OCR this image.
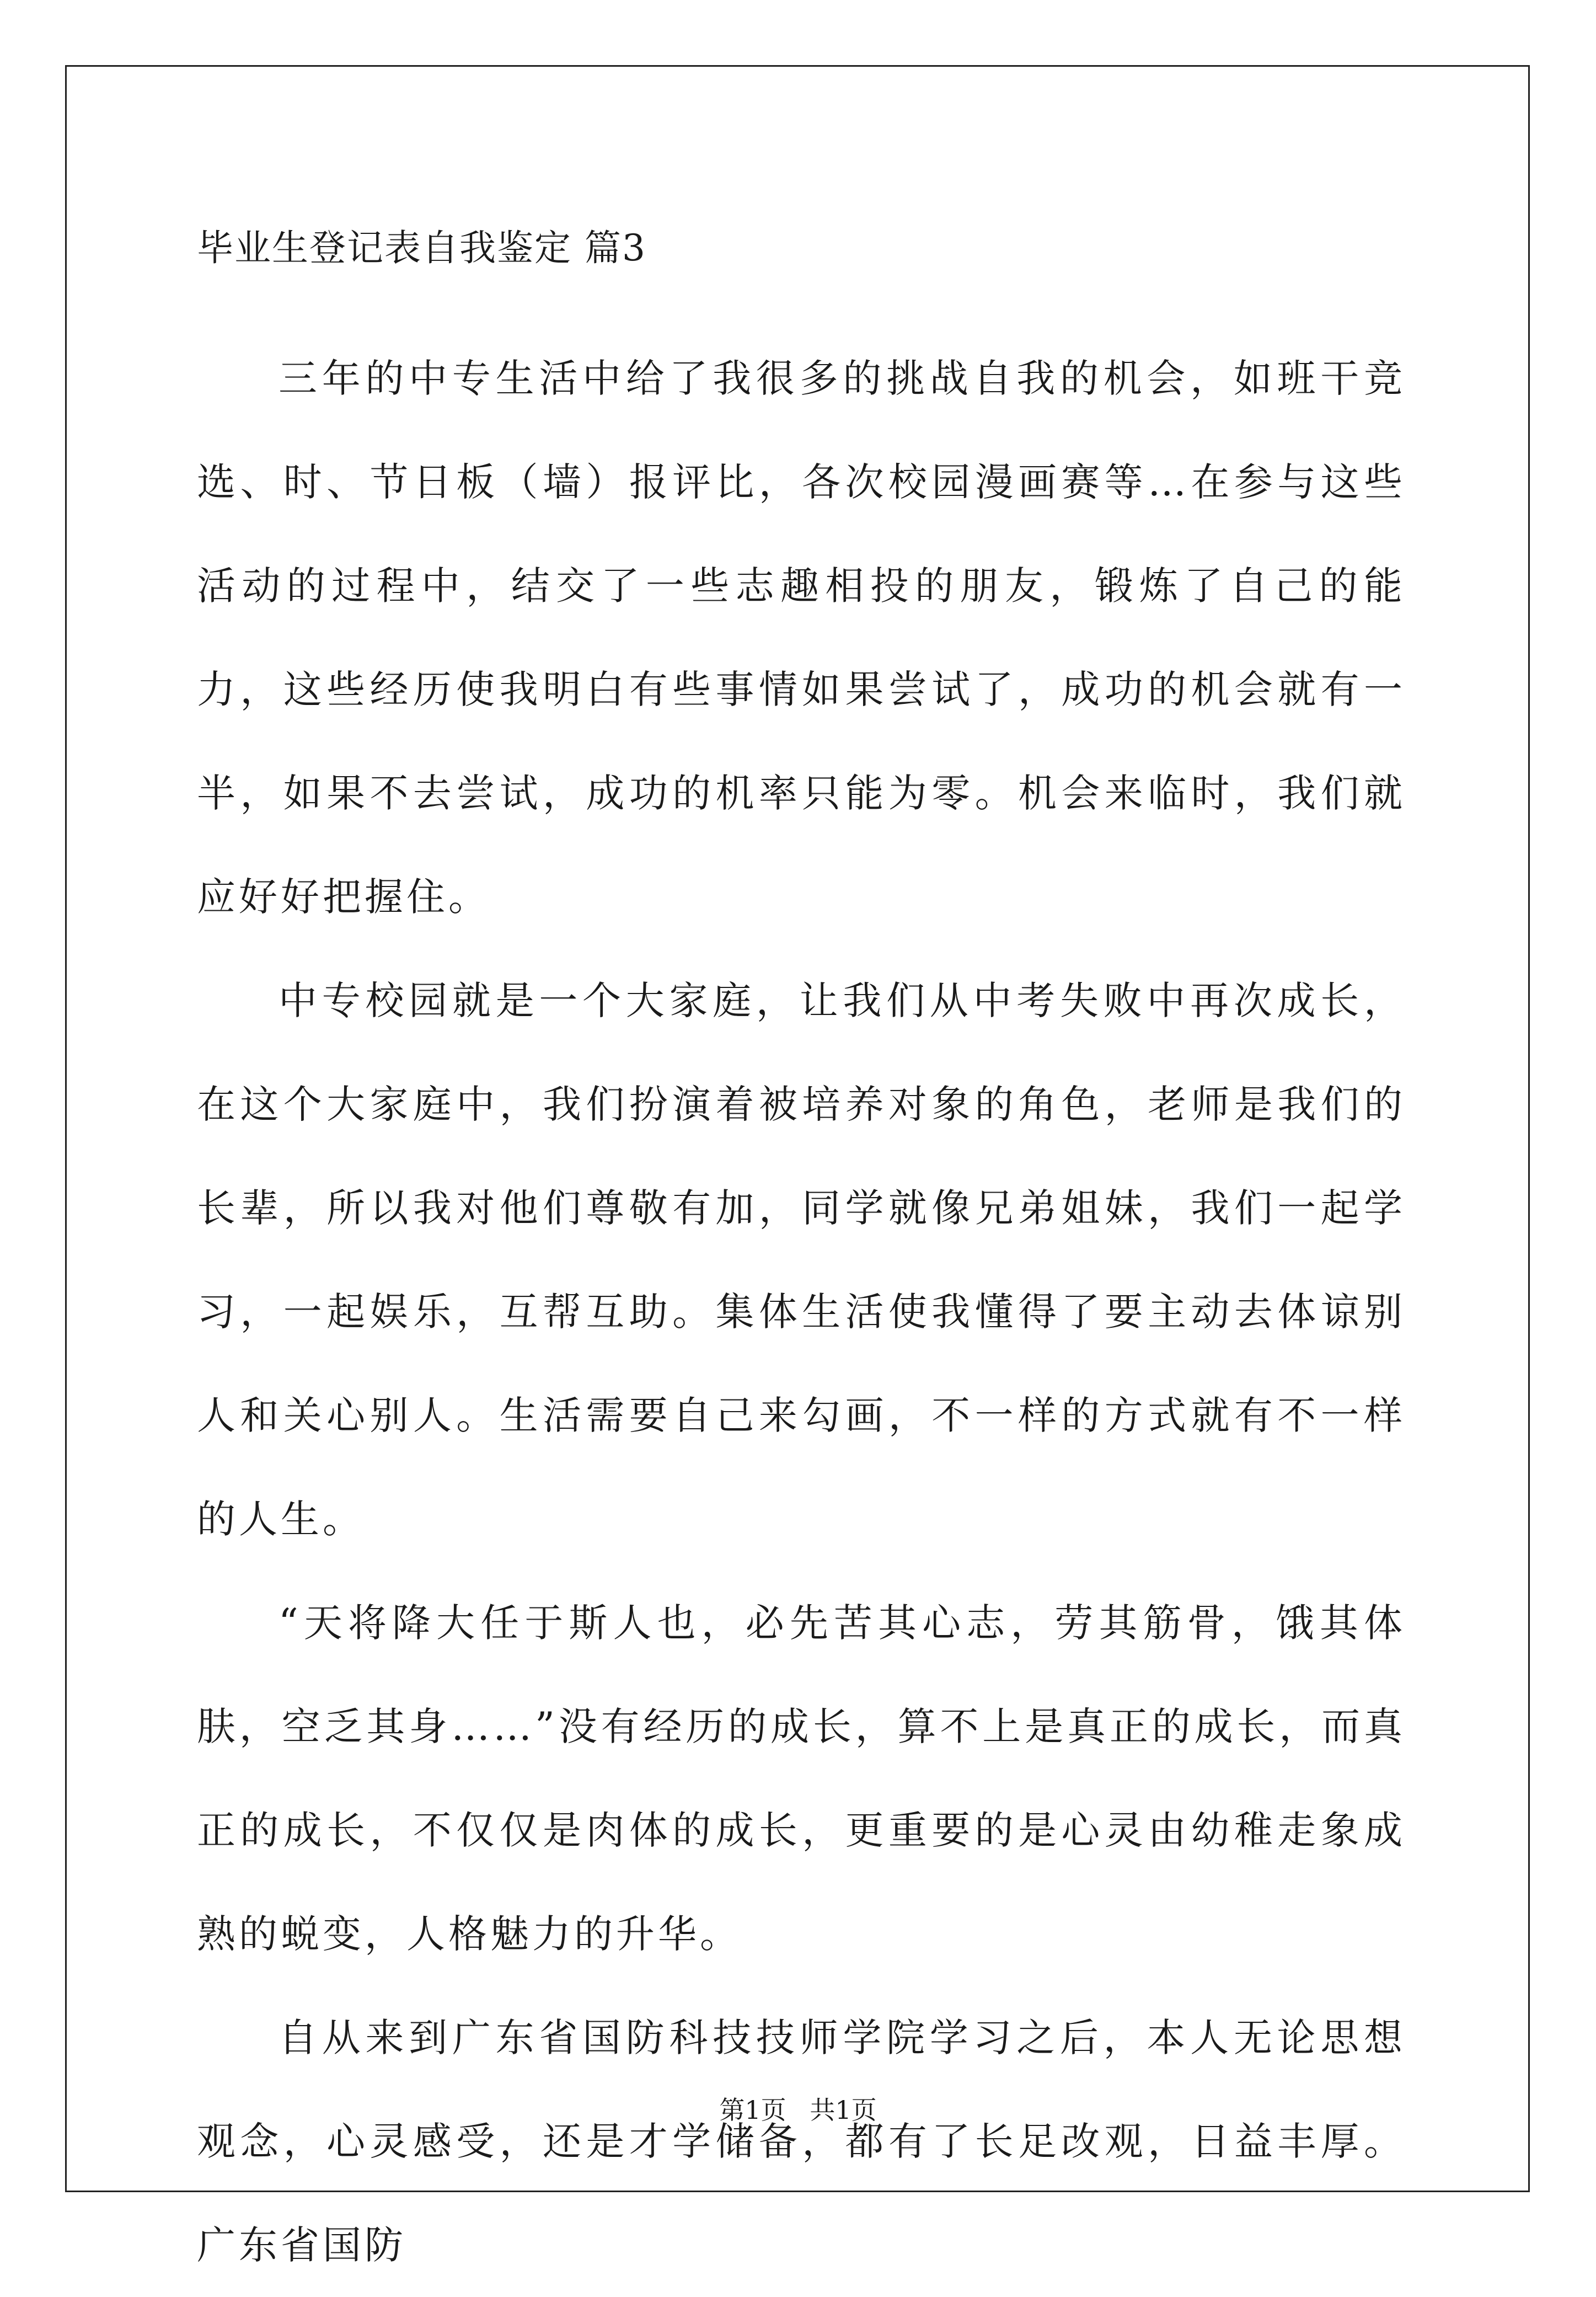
毕业生登记表自我鉴定 篇3

三年的中专生活中给了我很多的挑战自我的机会，如班干竞选、时、节日板（墙）报评比，各次校园漫画赛等…在参与这些活动的过程中，结交了一些志趣相投的朋友，锻炼了自己的能力，这些经历使我明白有些事情如果尝试了，成功的机会就有一半，如果不去尝试，成功的机率只能为零。机会来临时，我们就应好好把握住。

中专校园就是一个大家庭，让我们从中考失败中再次成长，在这个大家庭中，我们扮演着被培养对象的角色，老师是我们的长辈，所以我对他们尊敬有加，同学就像兄弟姐妹，我们一起学习，一起娱乐，互帮互助。集体生活使我懂得了要主动去体谅别人和关心别人。生活需要自己来勾画，不一样的方式就有不一样的人生。

“天将降大任于斯人也，必先苦其心志，劳其筋骨，饿其体肤，空乏其身……”没有经历的成长，算不上是真正的成长，而真正的成长，不仅仅是肉体的成长，更重要的是心灵由幼稚走象成熟的蜕变，人格魅力的升华。

自从来到广东省国防科技技师学院学习之后，本人无论思想观念，心灵感受，还是才学储备，都有了长足改观，日益丰厚。广东省国防

第1页 共1页
